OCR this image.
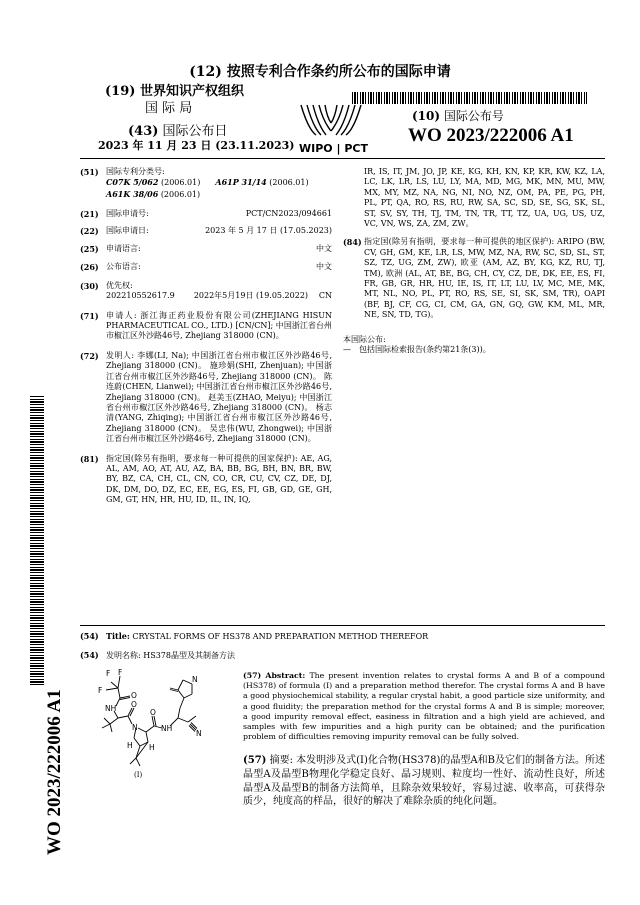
(12) 按照专利合作条约所公布的国际申请
(19) 世界知识产权组织
国 际 局
(43) 国际公布日
2023 年 11 月 23 日 (23.11.2023) WIPO | PCT
(10) 国际公布号
WO 2023/222006 A1
(51) 国际专利分类号:
C07K 5/062 (2006.01) A61P 31/14 (2006.01)
A61K 38/06 (2006.01)
(21) 国际申请号:	PCT/CN2023/094661
(22) 国际申请日:	2023 年 5 月 17 日 (17.05.2023)
(25) 申请语言:	中文
(26) 公布语言:	中文
(30) 优先权:
202210552617.9 2022年5月19日 (19.05.2022) CN
(71) 申请人: 浙江海正药业股份有限公司(ZHEJIANG HISUN PHARMACEUTICAL CO., LTD.) [CN/CN]; 中国浙江省台州市椒江区外沙路46号, Zhejiang 318000 (CN)。
(72) 发明人: 李娜(LI, Na); 中国浙江省台州市椒江区外沙路46号, Zhejiang 318000 (CN)。 施珍娟(SHI, Zhenjuan); 中国浙江省台州市椒江区外沙路46号, Zhejiang 318000 (CN)。 陈连蔚(CHEN, Lianwei); 中国浙江省台州市椒江区外沙路46号, Zhejiang 318000 (CN)。 赵美玉(ZHAO, Meiyu); 中国浙江省台州市椒江区外沙路46号, Zhejiang 318000 (CN)。 杨志清(YANG, Zhiqing); 中国浙江省台州市椒江区外沙路46号, Zhejiang 318000 (CN)。 吴忠伟(WU, Zhongwei); 中国浙江省台州市椒江区外沙路46号, Zhejiang 318000 (CN)。
(81) 指定国(除另有指明，要求每一种可提供的国家保护): AE, AG, AL, AM, AO, AT, AU, AZ, BA, BB, BG, BH, BN, BR, BW, BY, BZ, CA, CH, CL, CN, CO, CR, CU, CV, CZ, DE, DJ, DK, DM, DO, DZ, EC, EE, EG, ES, FI, GB, GD, GE, GH, GM, GT, HN, HR, HU, ID, IL, IN, IQ,
IR, IS, IT, JM, JO, JP, KE, KG, KH, KN, KP, KR, KW, KZ, LA, LC, LK, LR, LS, LU, LY, MA, MD, MG, MK, MN, MU, MW, MX, MY, MZ, NA, NG, NI, NO, NZ, OM, PA, PE, PG, PH, PL, PT, QA, RO, RS, RU, RW, SA, SC, SD, SE, SG, SK, SL, ST, SV, SY, TH, TJ, TM, TN, TR, TT, TZ, UA, UG, US, UZ, VC, VN, WS, ZA, ZM, ZW。
(84) 指定国(除另有指明，要求每一种可提供的地区保护): ARIPO (BW, CV, GH, GM, KE, LR, LS, MW, MZ, NA, RW, SC, SD, SL, ST, SZ, TZ, UG, ZM, ZW), 欧亚 (AM, AZ, BY, KG, KZ, RU, TJ, TM), 欧洲 (AL, AT, BE, BG, CH, CY, CZ, DE, DK, EE, ES, FI, FR, GB, GR, HR, HU, IE, IS, IT, LT, LU, LV, MC, ME, MK, MT, NL, NO, PL, PT, RO, RS, SE, SI, SK, SM, TR), OAPI (BF, BJ, CF, CG, CI, CM, GA, GN, GQ, GW, KM, ML, MR, NE, SN, TD, TG)。
本国际公布:
—　包括国际检索报告(条约第21条(3))。
(54) Title: CRYSTAL FORMS OF HS378 AND PREPARATION METHOD THEREFOR
(54) 发明名称: HS378晶型及其制备方法
F F
F
O
NH O
N
H H
O
NH
N
N
(I)
(57) Abstract: The present invention relates to crystal forms A and B of a compound (HS378) of formula (I) and a preparation method therefor. The crystal forms A and B have a good physiochemical stability, a regular crystal habit, a good particle size uniformity, and a good fluidity; the preparation method for the crystal forms A and B is simple; moreover, a good impurity removal effect, easiness in filtration and a high yield are achieved, and samples with few impurities and a high purity can be obtained; and the purification problem of difficulties removing impurity removal can be fully solved.
(57) 摘要: 本发明涉及式(I)化合物(HS378)的晶型A和B及它们的制备方法。所述晶型A及晶型B物理化学稳定良好、晶习规则、粒度均一性好、流动性良好，所述晶型A及晶型B的制备方法简单，且除杂效果较好，容易过滤、收率高，可获得杂质少，纯度高的样品，很好的解决了难除杂质的纯化问题。
WO 2023/222006 A1
